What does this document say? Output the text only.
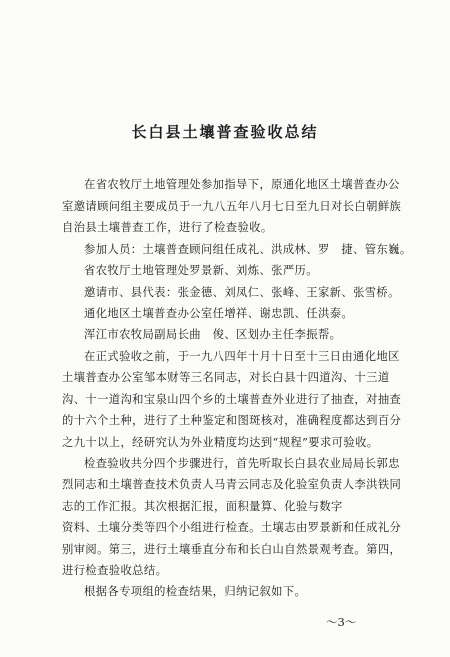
长白县土壤普查验收总结
在省农牧厅土地管理处参加指导下，原通化地区土壤普查办公
室邀请顾问组主要成员于一九八五年八月七日至九日对长白朝鲜族
自治县土壤普查工作，进行了检查验收。
参加人员：土壤普查顾问组任成礼、洪成林、罗　捷、管东巍。
省农牧厅土地管理处罗景新、刘炼、张严历。
邀请市、县代表：张金德、刘凤仁、张峰、王家新、张雪桥。
通化地区土壤普查办公室任增祥、谢忠凯、任洪泰。
浑江市农牧局副局长曲　俊、区划办主任李振帮。
在正式验收之前，于一九八四年十月十日至十三日由通化地区
土壤普查办公室邹本财等三名同志，对长白县十四道沟、十三道
沟、十一道沟和宝泉山四个乡的土壤普查外业进行了抽查，对抽查
的十六个土种，进行了土种鉴定和图斑核对，准确程度都达到百分
之九十以上，经研究认为外业精度均达到“规程”要求可验收。
检查验收共分四个步骤进行，首先听取长白县农业局局长郭忠
烈同志和土壤普查技术负责人马青云同志及化验室负责人李洪铁同
志的工作汇报。其次根据汇报，面积量算、化验与数字
资料、土壤分类等四个小组进行检查。土壤志由罗景新和任成礼分
别审阅。第三，进行土壤垂直分布和长白山自然景观考查。第四，
进行检查验收总结。
根据各专项组的检查结果，归纳记叙如下。
～3～
